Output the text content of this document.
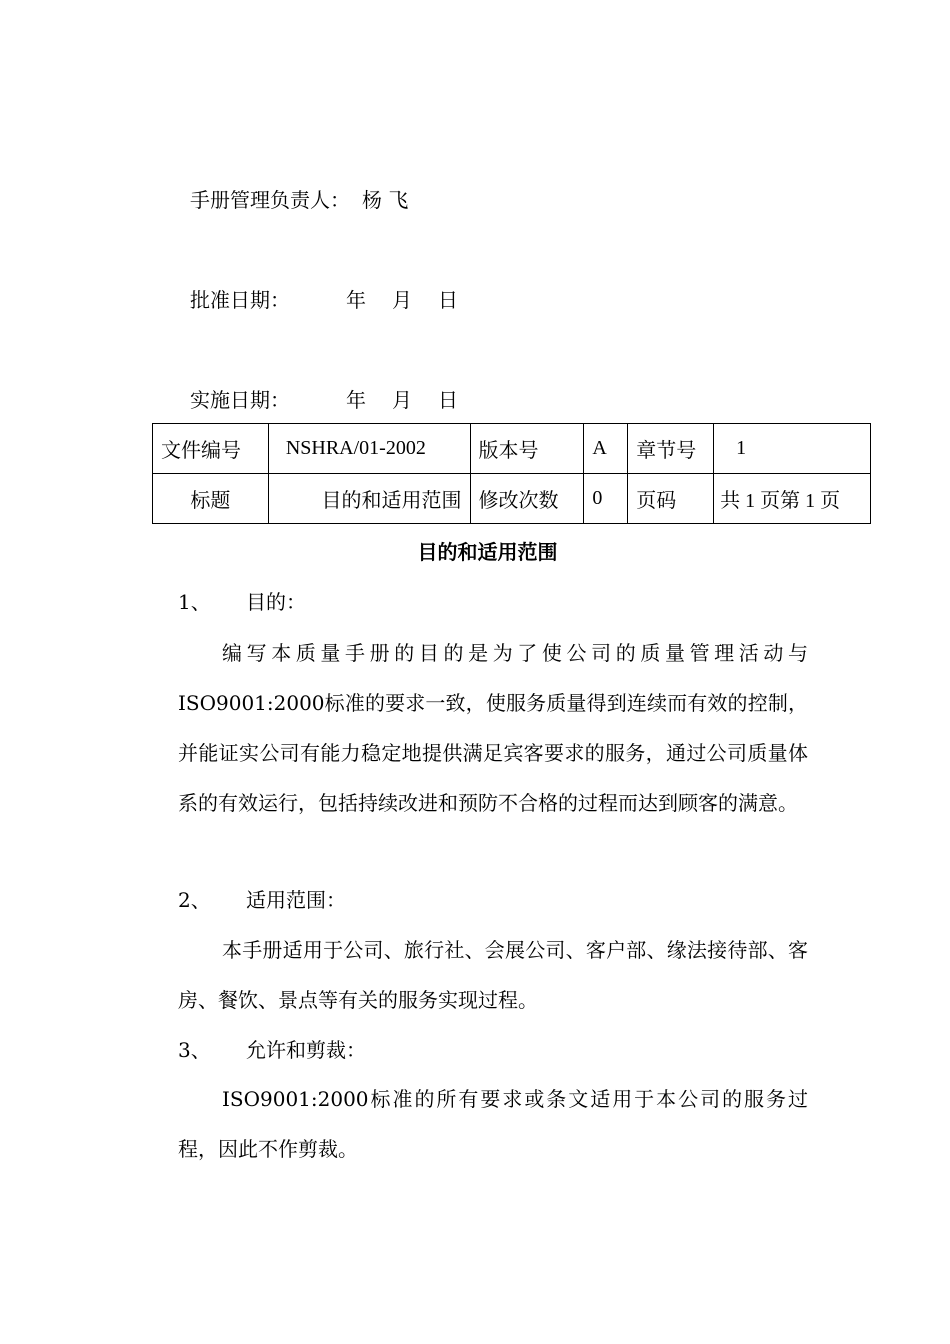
手册管理负责人： 杨 飞
批准日期：	年 月 日
实施日期：	年 月 日
文件编号	NSHRA/01-2002	版本号	A	章节号	1
标题	目的和适用范围	修改次数	0	页码	共 1 页第 1 页
目的和适用范围
1、 目的：
编写本质量手册的目的是为了使公司的质量管理活动与ISO9001:2000标准的要求一致，使服务质量得到连续而有效的控制，并能证实公司有能力稳定地提供满足宾客要求的服务，通过公司质量体系的有效运行，包括持续改进和预防不合格的过程而达到顾客的满意。
2、 适用范围：
本手册适用于公司、旅行社、会展公司、客户部、缘法接待部、客房、餐饮、景点等有关的服务实现过程。
3、 允许和剪裁：
ISO9001:2000标准的所有要求或条文适用于本公司的服务过程，因此不作剪裁。
